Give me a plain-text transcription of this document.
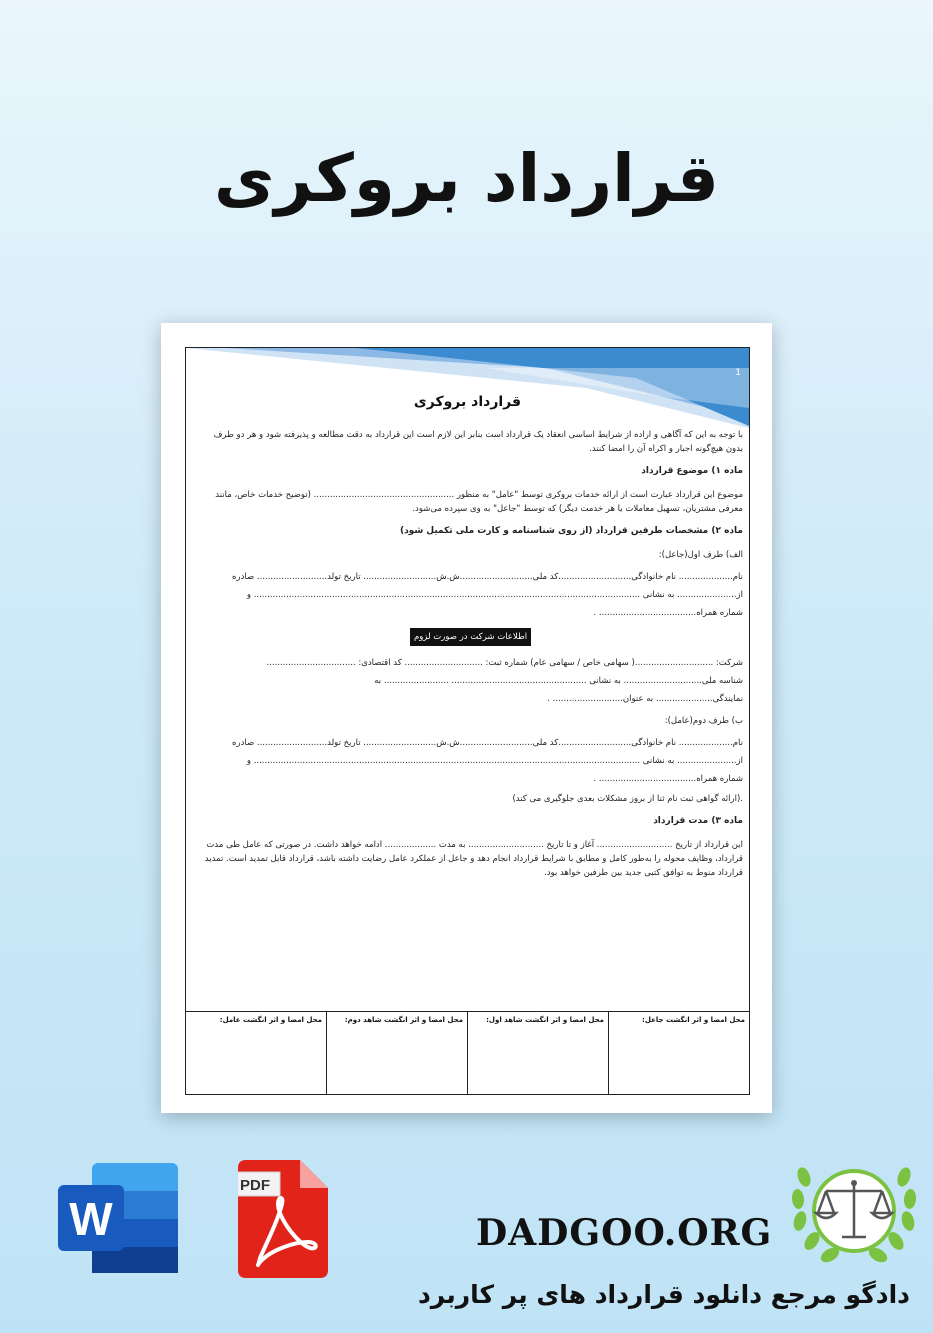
قرارداد بروکری
1
قرارداد بروکری

با توجه به این که آگاهی و اراده از شرایط اساسی انعقاد یک قرارداد است بنابر این لازم است این قرارداد به دقت مطالعه و پذیرفته شود و هر دو طرف بدون هیچ‌گونه اجبار و اکراه آن را امضا کنند.

ماده ۱) موضوع قرارداد

موضوع این قرارداد عبارت است از ارائه خدمات بروکری توسط "عامل" به منظور .................................................... (توضیح خدمات خاص، مانند معرفی مشتریان، تسهیل معاملات یا هر خدمت دیگر) که توسط "جاعل" به وی سپرده می‌شود.

ماده ۲) مشخصات طرفین قرارداد (از روی شناسنامه و کارت ملی تکمیل شود)

الف) طرف اول(جاعل):

نام.................... نام خانوادگی...........................کد ملی...........................ش.ش........................... تاریخ تولد.......................... صادره
از...................... به نشانی ............................................................................................................................................... و
شماره همراه.................................... .
اطلاعات شرکت در صورت لزوم
شرکت: .............................( سهامی خاص / سهامی عام) شماره ثبت: ............................. کد اقتصادی: .................................
شناسه ملی............................. به نشانی .................................................. ........................ به
نمایندگی..................... به عنوان.......................... .

ب) طرف دوم(عامل):

نام.................... نام خانوادگی...........................کد ملی...........................ش.ش........................... تاریخ تولد.......................... صادره
از...................... به نشانی ............................................................................................................................................... و
شماره همراه.................................... .

.(ارائه گواهی ثبت نام ثنا از بروز مشکلات بعدی جلوگیری می کند)

ماده ۳) مدت قرارداد

این قرارداد از تاریخ ............................ آغاز و تا تاریخ ............................ به مدت ................... ادامه خواهد داشت. در صورتی که عامل طی مدت قرارداد، وظایف محوله را به‌طور کامل و مطابق با شرایط قرارداد انجام دهد و جاعل از عملکرد عامل رضایت داشته باشد، قرارداد قابل تمدید است. تمدید قرارداد منوط به توافق کتبی جدید بین طرفین خواهد بود.

محل امضا و اثر انگشت جاعل:
محل امضا و اثر انگشت شاهد اول:
محل امضا و اثر انگشت شاهد دوم:
محل امضا و اثر انگشت عامل:
W
PDF
DADGOO.ORG
دادگو مرجع دانلود قرارداد های پر کاربرد
